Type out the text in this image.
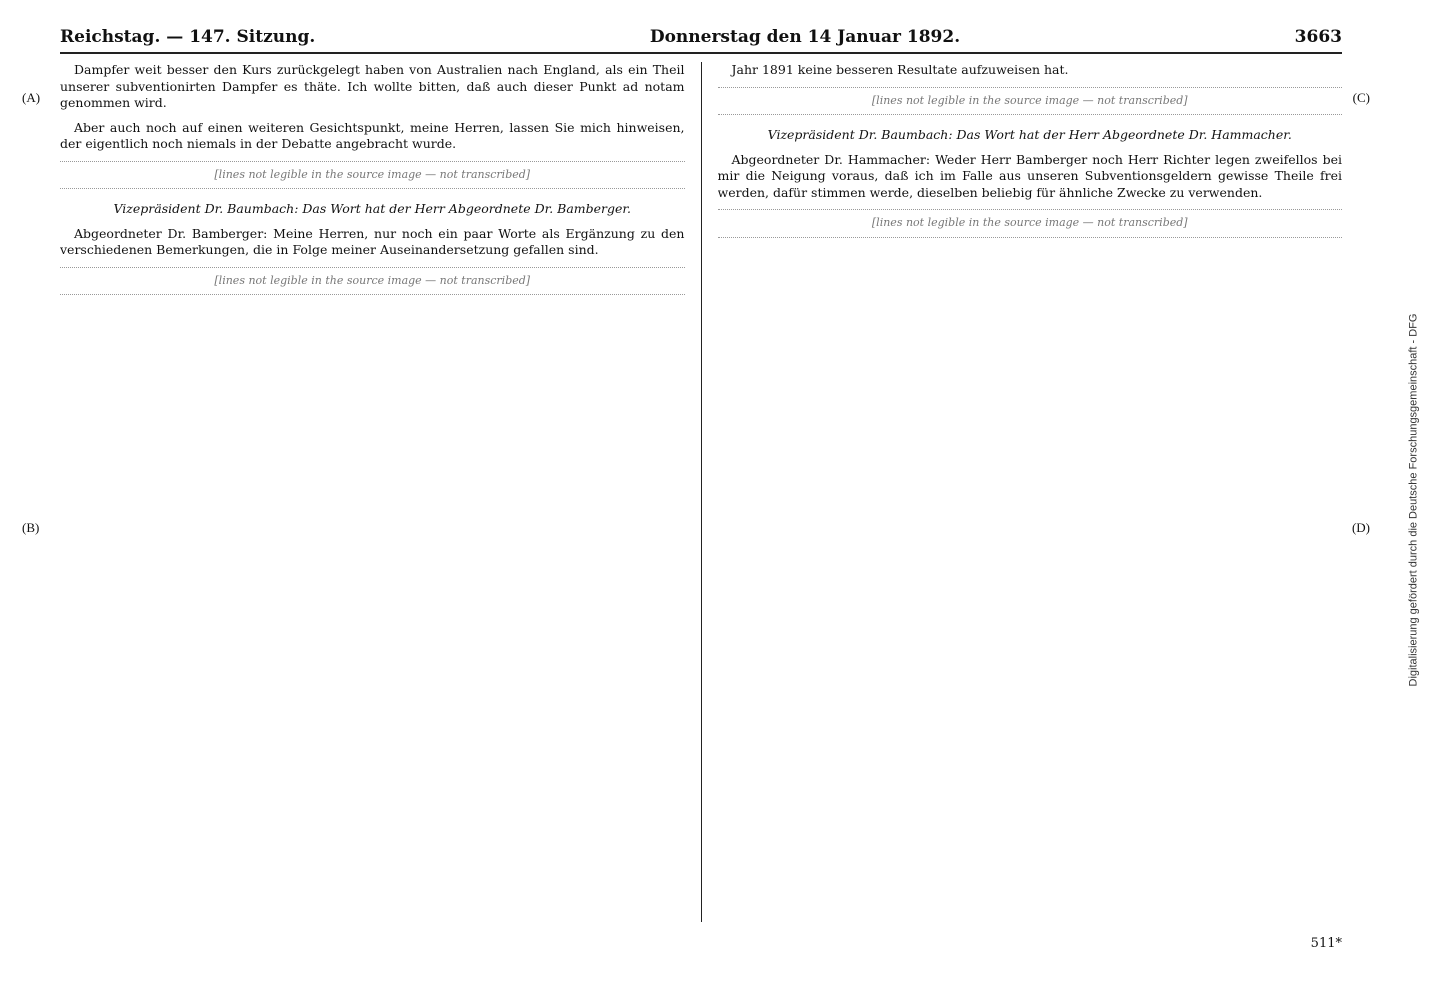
Reichstag. — 147. Sitzung.	Donnerstag den 14 Januar 1892.	3663
(A)
(B)
(C)
(D)

Dampfer weit besser den Kurs zurückgelegt haben von Australien nach England, als ein Theil unserer subventionirten Dampfer es thäte. Ich wollte bitten, daß auch dieser Punkt ad notam genommen wird.

Aber auch noch auf einen weiteren Gesichtspunkt, meine Herren, lassen Sie mich hinweisen, der eigentlich noch niemals in der Debatte angebracht wurde.

[lines not legible in the source image — not transcribed]

Vizepräsident Dr. Baumbach: Das Wort hat der Herr Abgeordnete Dr. Bamberger.

Abgeordneter Dr. Bamberger: Meine Herren, nur noch ein paar Worte als Ergänzung zu den verschiedenen Bemerkungen, die in Folge meiner Auseinandersetzung gefallen sind.

[lines not legible in the source image — not transcribed]

Jahr 1891 keine besseren Resultate aufzuweisen hat.

[lines not legible in the source image — not transcribed]

Vizepräsident Dr. Baumbach: Das Wort hat der Herr Abgeordnete Dr. Hammacher.

Abgeordneter Dr. Hammacher: Weder Herr Bamberger noch Herr Richter legen zweifellos bei mir die Neigung voraus, daß ich im Falle aus unseren Subventionsgeldern gewisse Theile frei werden, dafür stimmen werde, dieselben beliebig für ähnliche Zwecke zu verwenden.

[lines not legible in the source image — not transcribed]

511*
Digitalisierung gefördert durch die Deutsche Forschungsgemeinschaft - DFG
